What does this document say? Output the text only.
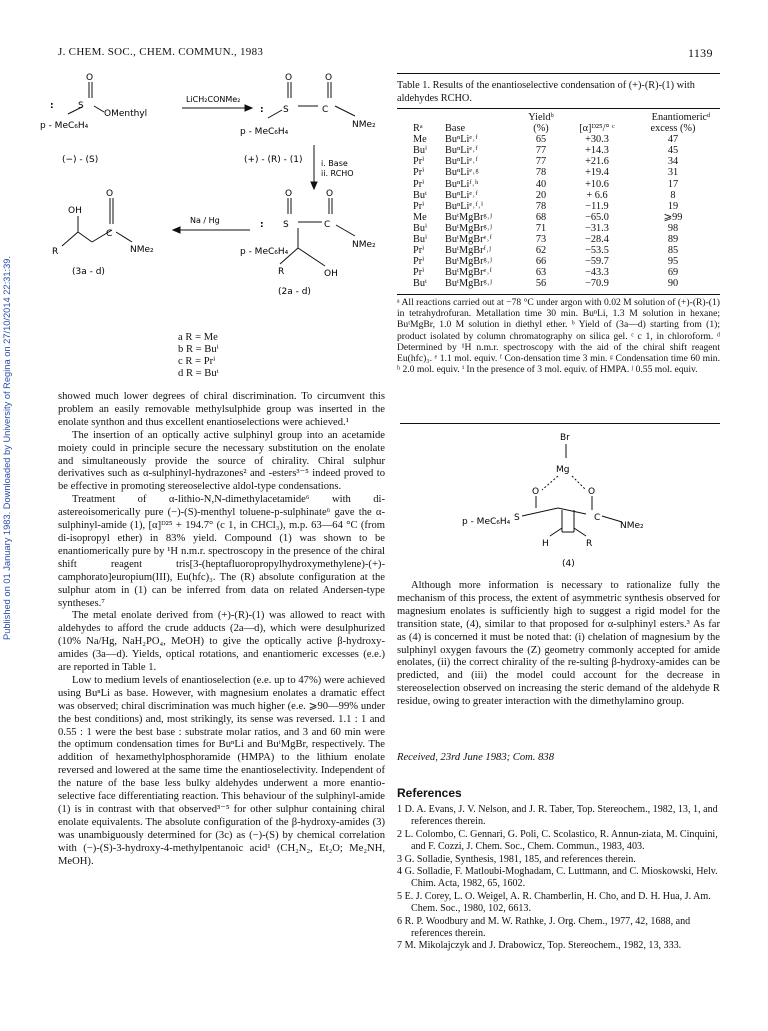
J. CHEM. SOC., CHEM. COMMUN., 1983	1139
Published on 01 January 1983. Downloaded by University of Regina on 27/10/2014 22:31:39.
O
:	S
OMenthyl
p - MeC₆H₄
(−) - (S)
LiCH₂CONMe₂
O	O
: S	C
NMe₂
p - MeC₆H₄
(+) - (R) - (1) i. Base
ii. RCHO
O	O
: S	C
NMe₂
p - MeC₆H₄
R	OH
(2a - d)
Na / Hg
OH
O
R
C
NMe₂
(3a - d)
a R = Me
b R = Buⁱ
c R = Prⁱ
d R = Buᵗ

showed much lower degrees of chiral discrimination. To circumvent this problem an easily removable methylsulphide group was inserted in the enolate synthon and thus excellent enantioselections were achieved.¹

The insertion of an optically active sulphinyl group into an acetamide moiety could in principle secure the necessary substitution on the enolate and simultaneously provide the source of chirality. Chiral sulphur derivatives such as α-sulphinyl-hydrazones² and -esters³⁻⁵ indeed proved to be effective in promoting stereoselective aldol-type condensations.

Treatment of α-lithio-N,N-dimethylacetamide⁶ with di-astereoisomerically pure (−)-(S)-menthyl toluene-p-sulphinate⁶ gave the α-sulphinyl-amide (1), [α]ᴰ²⁵ + 194.7° (c 1, in CHCl₃), m.p. 63—64 °C (from di-isopropyl ether) in 83% yield. Compound (1) was shown to be enantiomerically pure by ¹H n.m.r. spectroscopy in the presence of the chiral shift reagent tris[3-(heptafluoropropylhydroxymethylene)-(+)-camphorato]europium(III), Eu(hfc)₃. The (R) absolute configuration at the sulphur atom in (1) can be inferred from data on related Andersen-type syntheses.⁷

The metal enolate derived from (+)-(R)-(1) was allowed to react with aldehydes to afford the crude adducts (2a—d), which were desulphurized (10% Na/Hg, NaH₂PO₄, MeOH) to give the optically active β-hydroxy-amides (3a—d). Yields, optical rotations, and enantiomeric excesses (e.e.) are reported in Table 1.

Low to medium levels of enantioselection (e.e. up to 47%) were achieved using BuⁿLi as base. However, with magnesium enolates a dramatic effect was observed; chiral discrimination was much higher (e.e. ⩾90—99% under the best conditions) and, most strikingly, its sense was reversed. 1.1 : 1 and 0.55 : 1 were the best base : substrate molar ratios, and 3 and 60 min were the optimum condensation times for BuⁿLi and BuᵗMgBr, respectively. The addition of hexamethylphosphoramide (HMPA) to the lithium enolate reversed and lowered at the same time the enantioselectivity. Independent of the nature of the base less bulky aldehydes underwent a more enantio-selective face differentiating reaction. This behaviour of the sulphinyl-amide (1) is in contrast with that observed³⁻⁵ for other sulphur containing chiral enolate equivalents. The absolute configuration of the β-hydroxy-amides (3) was unambiguously determined for (3c) as (−)-(S) by chemical correlation with (−)-(S)-3-hydroxy-4-methylpentanoic acid¹ (CH₂N₂, Et₂O; Me₂NH, MeOH).

Table 1. Results of the enantioselective condensation of (+)-(R)-(1) with aldehydes RCHO.
		Yieldᵇ		Enantiomericᵈ
Rᵃ	Base	(%)	[α]ᴰ²⁵/° ᶜ	excess (%)
Me	BuⁿLiᵉ˒ᶠ	65	+30.3	47
Buⁱ	BuⁿLiᵉ˒ᶠ	77	+14.3	45
Prⁱ	BuⁿLiᵉ˒ᶠ	77	+21.6	34
Prⁱ	BuⁿLiᵉ˒ᵍ	78	+19.4	31
Prⁱ	BuⁿLiᶠ˒ʰ	40	+10.6	17
Buᵗ	BuⁿLiᵉ˒ᶠ	20	+ 6.6	8
Prⁱ	BuⁿLiᵉ˒ᶠ˒ⁱ	78	−11.9	19
Me	BuᵗMgBrᵍ˒ʲ	68	−65.0	⩾99
Buⁱ	BuᵗMgBrᵍ˒ʲ	71	−31.3	98
Buⁱ	BuᵗMgBrᵉ˒ᶠ	73	−28.4	89
Prⁱ	BuᵗMgBrᶠ˒ʲ	62	−53.5	85
Prⁱ	BuᵗMgBrᵍ˒ʲ	66	−59.7	95
Prⁱ	BuᵗMgBrᵉ˒ᶠ	63	−43.3	69
Buᵗ	BuᵗMgBrᵍ˒ʲ	56	−70.9	90
ᵃ All reactions carried out at −78 °C under argon with 0.02 M solution of (+)-(R)-(1) in tetrahydrofuran. Metallation time 30 min. BuⁿLi, 1.3 M solution in hexane; BuᵗMgBr, 1.0 M solution in diethyl ether. ᵇ Yield of (3a—d) starting from (1); product isolated by column chromatography on silica gel. ᶜ c 1, in chloroform. ᵈ Determined by ¹H n.m.r. spectroscopy with the aid of the chiral shift reagent Eu(hfc)₃. ᵉ 1.1 mol. equiv. ᶠ Con-densation time 3 min. ᵍ Condensation time 60 min. ʰ 2.0 mol. equiv. ⁱ In the presence of 3 mol. equiv. of HMPA. ʲ 0.55 mol. equiv.
Br
Mg
O	O
S	C
p - MeC₆H₄	NMe₂
H	R
(4)

Although more information is necessary to rationalize fully the mechanism of this process, the extent of asymmetric synthesis observed for magnesium enolates is sufficiently high to suggest a rigid model for the transition state, (4), similar to that proposed for α-sulphinyl esters.³ As far as (4) is concerned it must be noted that: (i) chelation of magnesium by the sulphinyl oxygen favours the (Z) geometry commonly accepted for amide enolates, (ii) the correct chirality of the re-sulting β-hydroxy-amides can be predicted, and (iii) the model could account for the decrease in stereoselection observed on increasing the steric demand of the aldehyde R residue, owing to greater interaction with the dimethylamino group.

Received, 23rd June 1983; Com. 838
References
1 D. A. Evans, J. V. Nelson, and J. R. Taber, Top. Stereochem., 1982, 13, 1, and references therein.
2 L. Colombo, C. Gennari, G. Poli, C. Scolastico, R. Annun-ziata, M. Cinquini, and F. Cozzi, J. Chem. Soc., Chem. Commun., 1983, 403.
3 G. Solladie, Synthesis, 1981, 185, and references therein.
4 G. Solladie, F. Matloubi-Moghadam, C. Luttmann, and C. Mioskowski, Helv. Chim. Acta, 1982, 65, 1602.
5 E. J. Corey, L. O. Weigel, A. R. Chamberlin, H. Cho, and D. H. Hua, J. Am. Chem. Soc., 1980, 102, 6613.
6 R. P. Woodbury and M. W. Rathke, J. Org. Chem., 1977, 42, 1688, and references therein.
7 M. Mikolajczyk and J. Drabowicz, Top. Stereochem., 1982, 13, 333.
